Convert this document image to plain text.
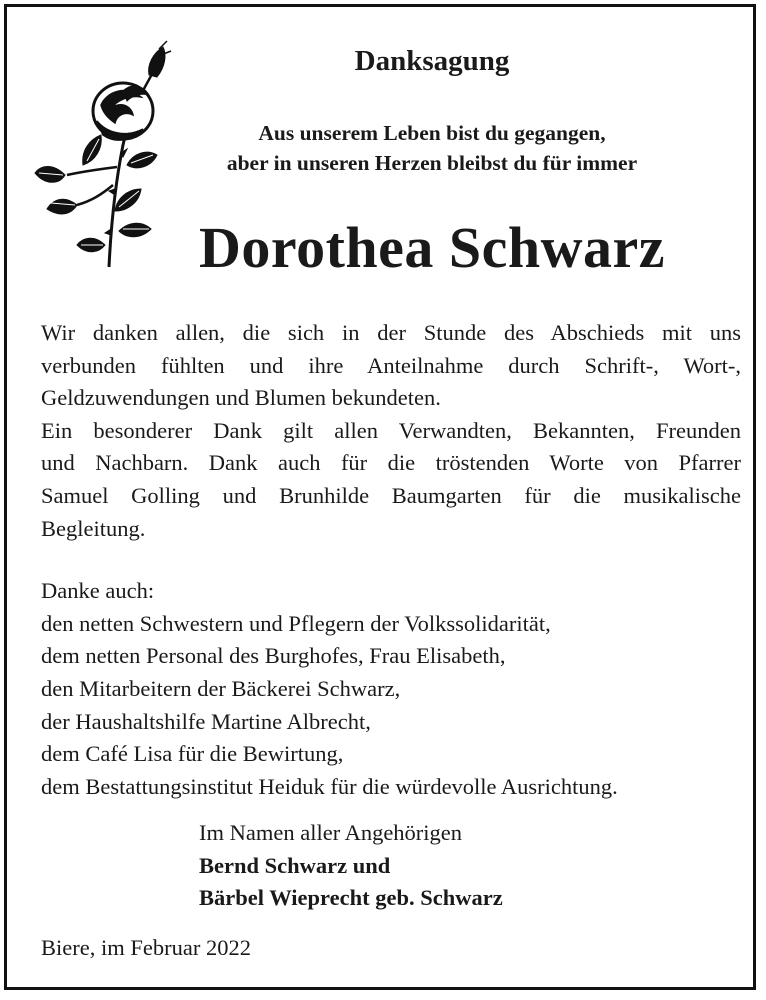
Danksagung
Aus unserem Leben bist du gegangen,
aber in unseren Herzen bleibst du für immer
Dorothea Schwarz

Wir danken allen, die sich in der Stunde des Abschieds mit uns
verbunden fühlten und ihre Anteilnahme durch Schrift-, Wort-,
Geldzuwendungen und Blumen bekundeten.
Ein besonderer Dank gilt allen Verwandten, Bekannten, Freunden
und Nachbarn. Dank auch für die tröstenden Worte von Pfarrer
Samuel Golling und Brunhilde Baumgarten für die musikalische
Begleitung.

Danke auch:
den netten Schwestern und Pflegern der Volkssolidarität,
dem netten Personal des Burghofes, Frau Elisabeth,
den Mitarbeitern der Bäckerei Schwarz,
der Haushaltshilfe Martine Albrecht,
dem Café Lisa für die Bewirtung,
dem Bestattungsinstitut Heiduk für die würdevolle Ausrichtung.

Im Namen aller Angehörigen
Bernd Schwarz und
Bärbel Wieprecht geb. Schwarz
Biere, im Februar 2022
